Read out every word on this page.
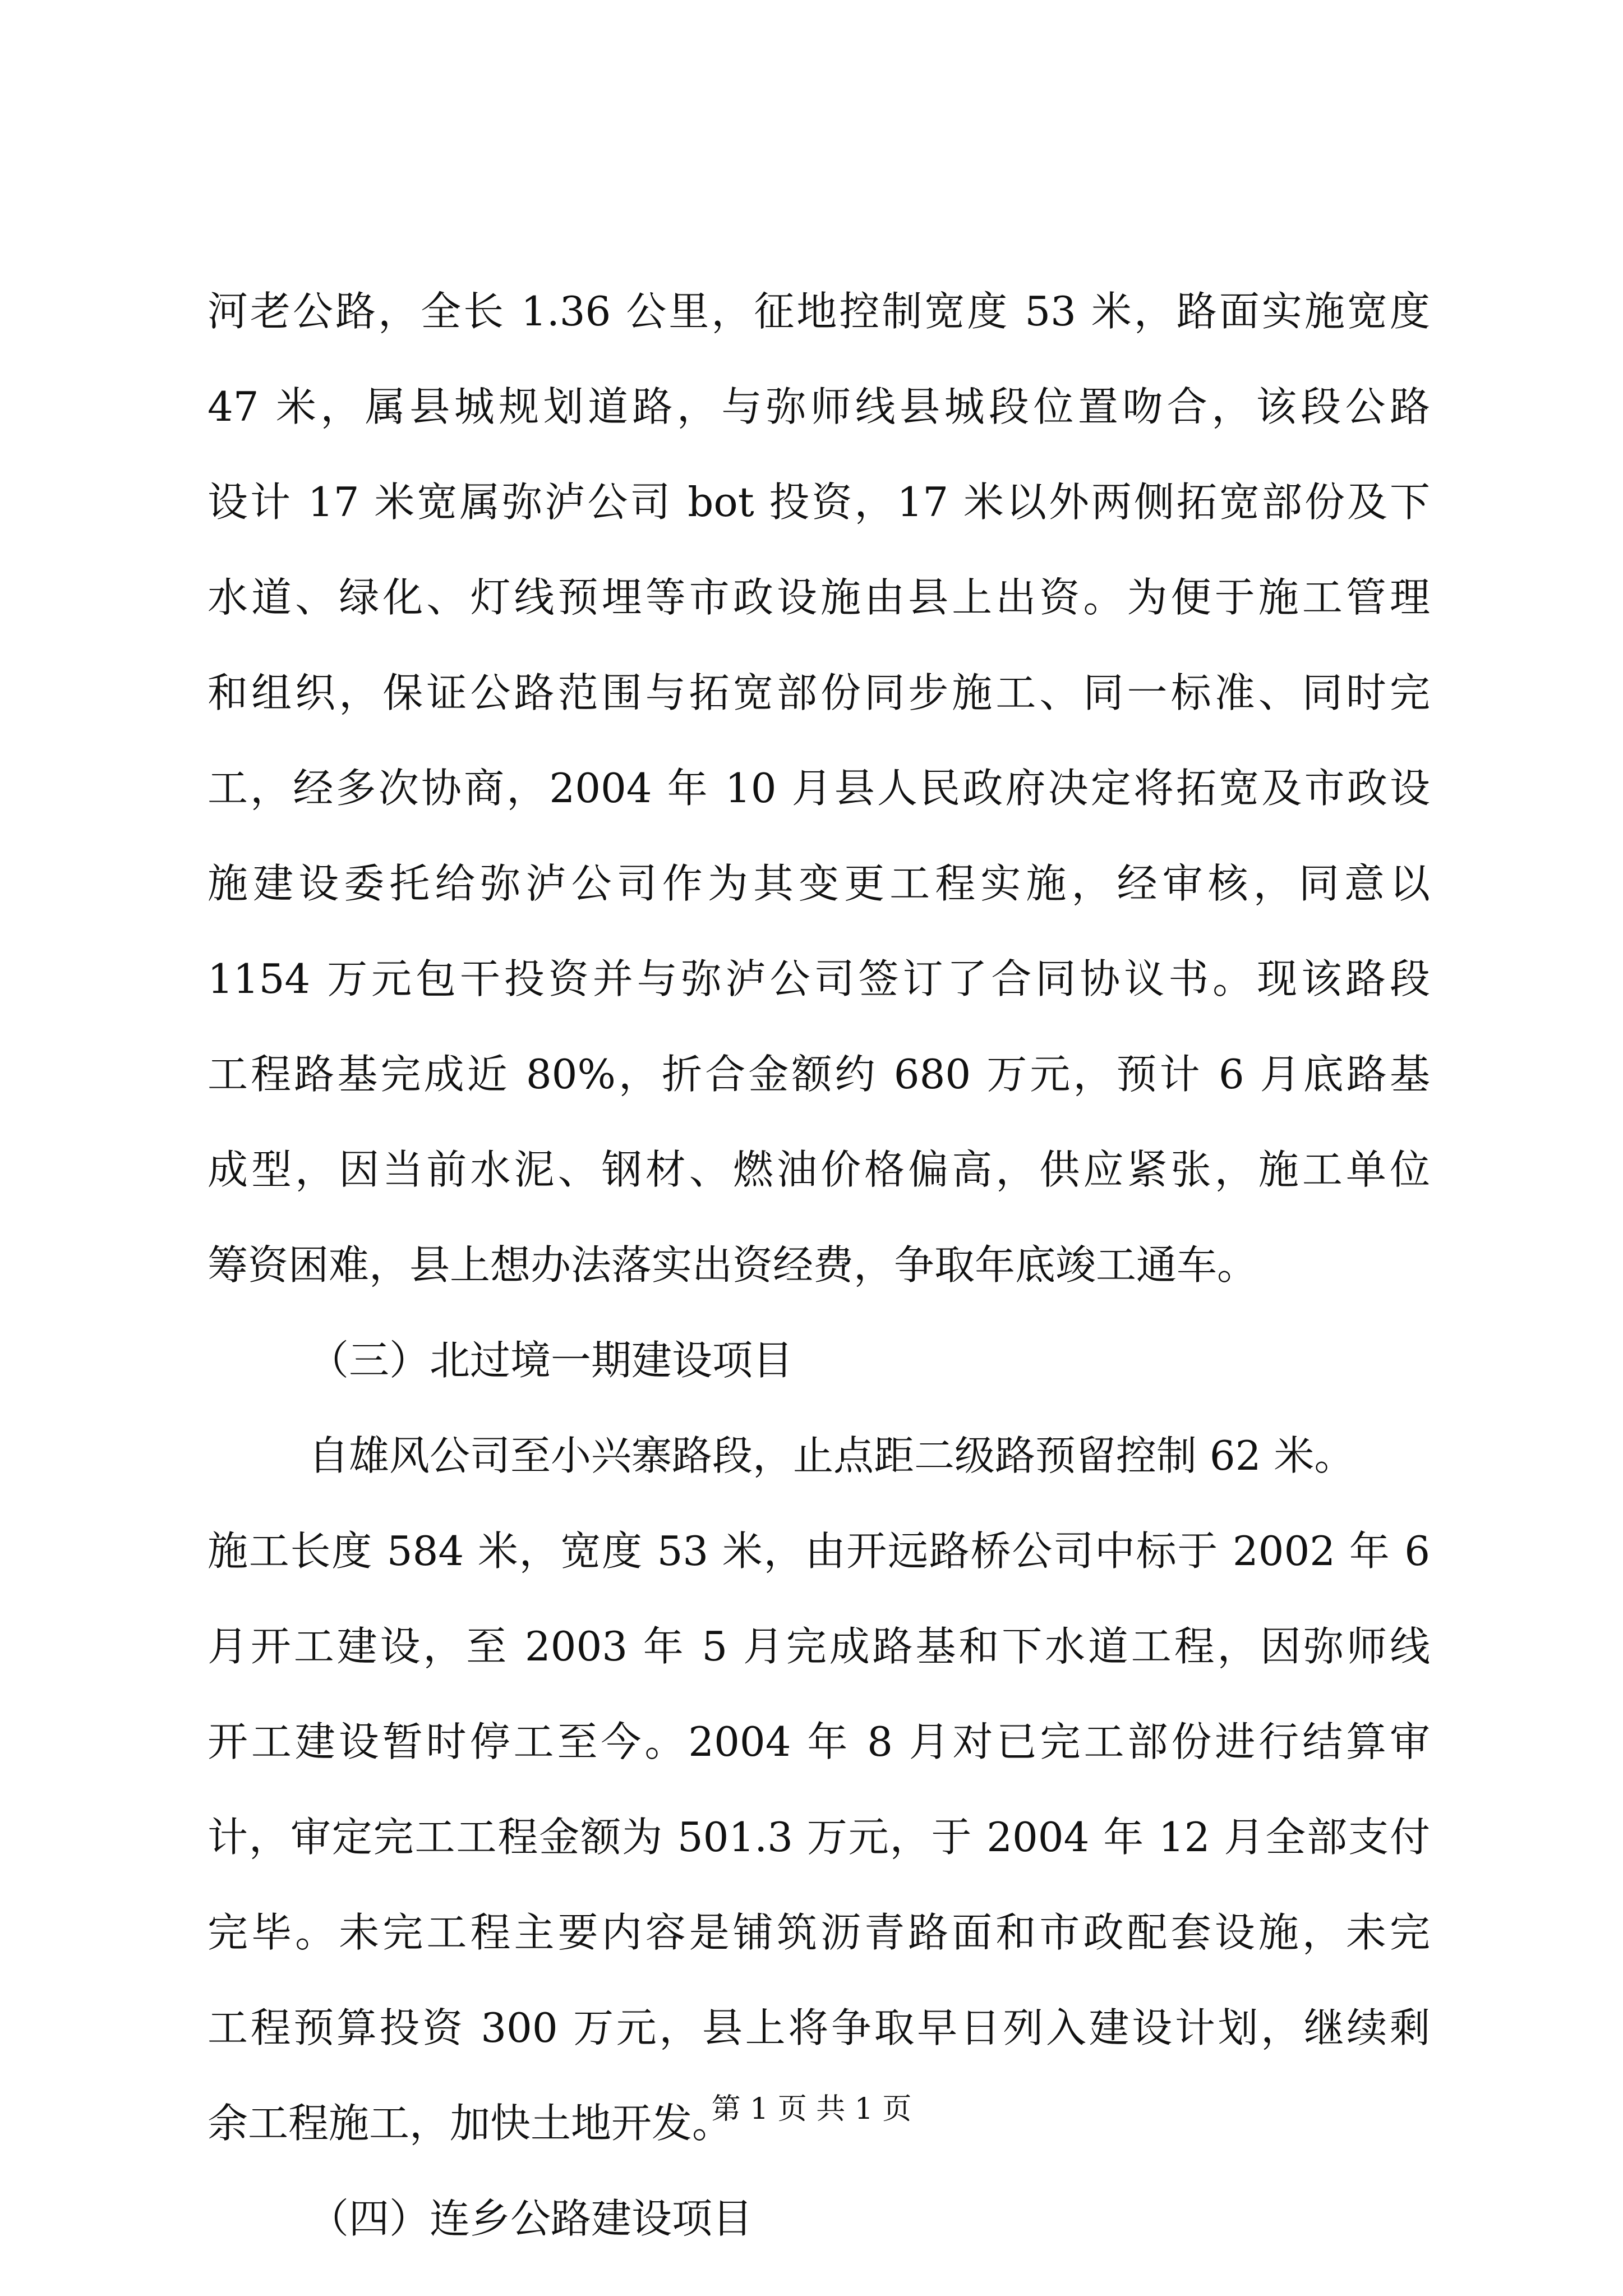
河老公路，全长 1.36 公里，征地控制宽度 53 米，路面实施宽度
47 米，属县城规划道路，与弥师线县城段位置吻合，该段公路
设计 17 米宽属弥泸公司 bot 投资，17 米以外两侧拓宽部份及下
水道、绿化、灯线预埋等市政设施由县上出资。为便于施工管理
和组织，保证公路范围与拓宽部份同步施工、同一标准、同时完
工，经多次协商，2004 年 10 月县人民政府决定将拓宽及市政设
施建设委托给弥泸公司作为其变更工程实施，经审核，同意以
1154 万元包干投资并与弥泸公司签订了合同协议书。现该路段
工程路基完成近 80%，折合金额约 680 万元，预计 6 月底路基
成型，因当前水泥、钢材、燃油价格偏高，供应紧张，施工单位
筹资困难，县上想办法落实出资经费，争取年底竣工通车。
（三）北过境一期建设项目
自雄风公司至小兴寨路段，止点距二级路预留控制 62 米。
施工长度 584 米，宽度 53 米，由开远路桥公司中标于 2002 年 6
月开工建设，至 2003 年 5 月完成路基和下水道工程，因弥师线
开工建设暂时停工至今。2004 年 8 月对已完工部份进行结算审
计，审定完工工程金额为 501.3 万元，于 2004 年 12 月全部支付
完毕。未完工程主要内容是铺筑沥青路面和市政配套设施，未完
工程预算投资 300 万元，县上将争取早日列入建设计划，继续剩
余工程施工，加快土地开发。
（四）连乡公路建设项目
第 1 页 共 1 页
